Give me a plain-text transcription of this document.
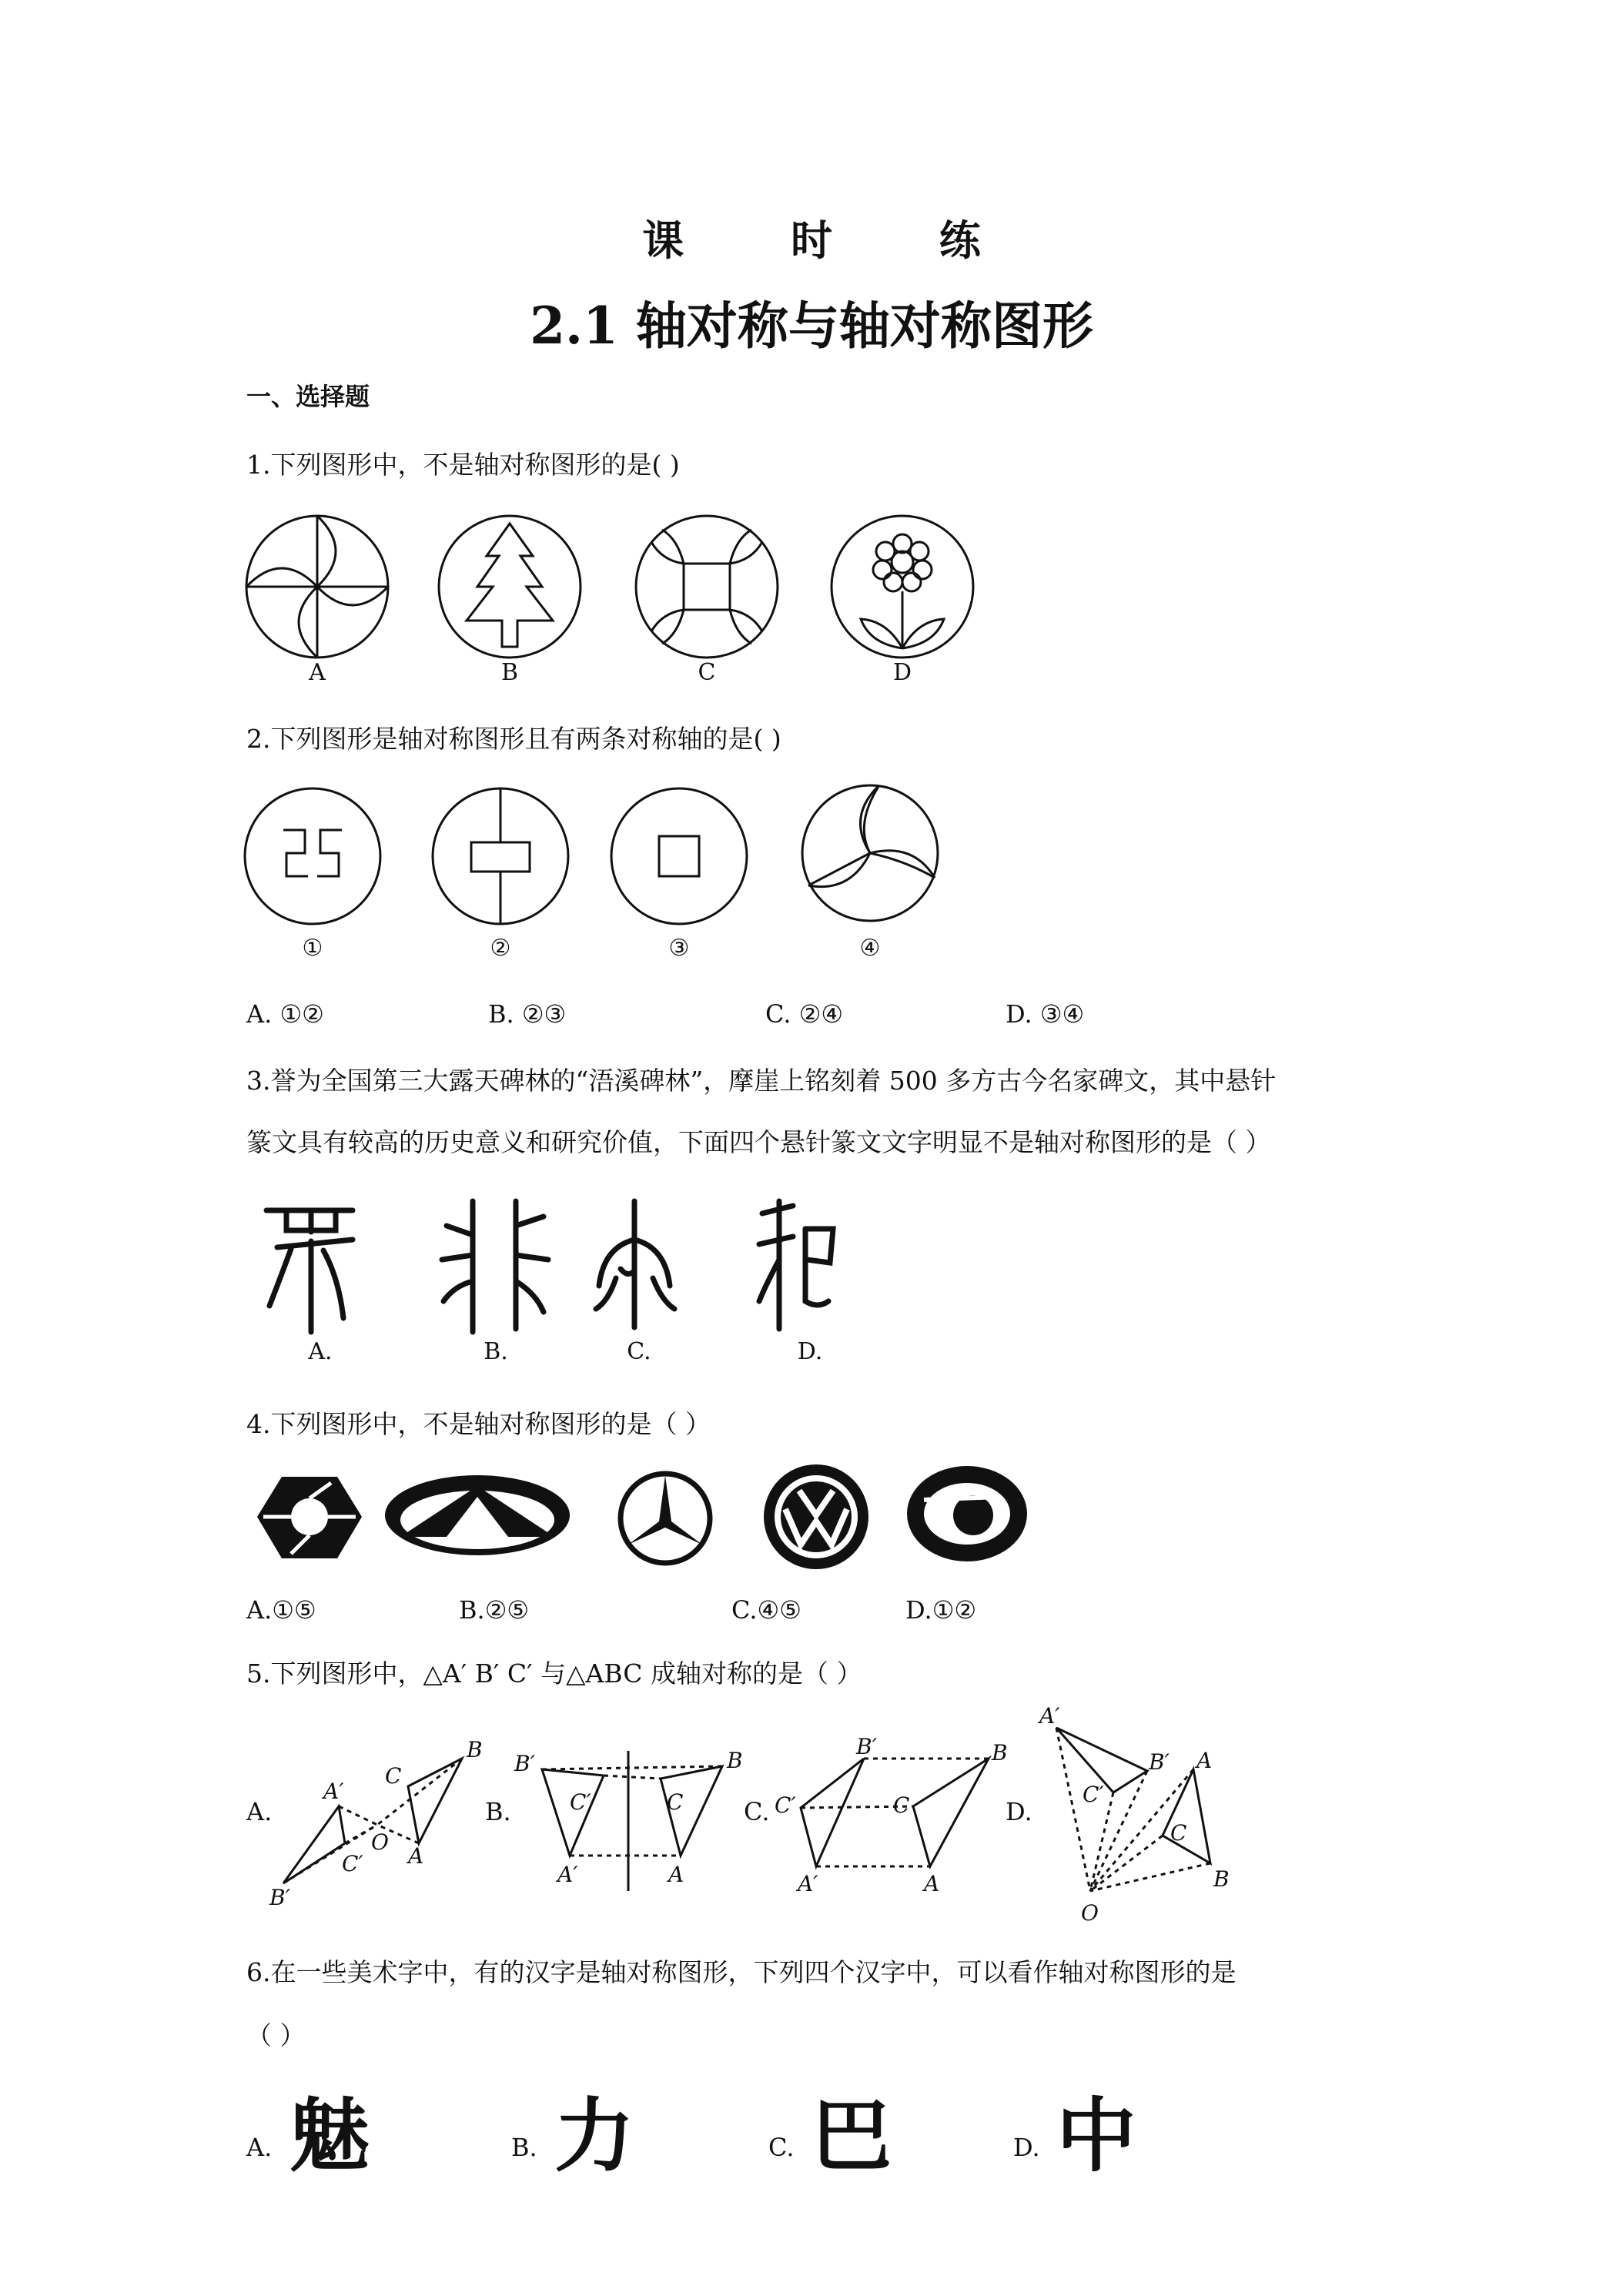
课 时 练
2.1 轴对称与轴对称图形
一、选择题
1.下列图形中，不是轴对称图形的是( )
A	B	C	D
2.下列图形是轴对称图形且有两条对称轴的是( )
①	②	③	④
A. ①②	B. ②③	C. ②④	D. ③④
3.誉为全国第三大露天碑林的“浯溪碑林”，摩崖上铭刻着 500 多方古今名家碑文，其中悬针
篆文具有较高的历史意义和研究价值，下面四个悬针篆文文字明显不是轴对称图形的是（ ）
A.	B.	C.	D.
4.下列图形中，不是轴对称图形的是（ ）
A.①⑤	B.②⑤	C.④⑤	D.①②
5.下列图形中，△A′ B′ C′ 与△ABC 成轴对称的是（ ）
A.	B.	C.	D.
A′
B′
C′
C
B
O
A
B′
C′
A′
B
C
A
B′
C′
A′
B
C
A
A′
B′
C′
A
C
B
O
6.在一些美术字中，有的汉字是轴对称图形，下列四个汉字中，可以看作轴对称图形的是
（ ）
A. 魅	B. 力	C. 巴	D. 中
